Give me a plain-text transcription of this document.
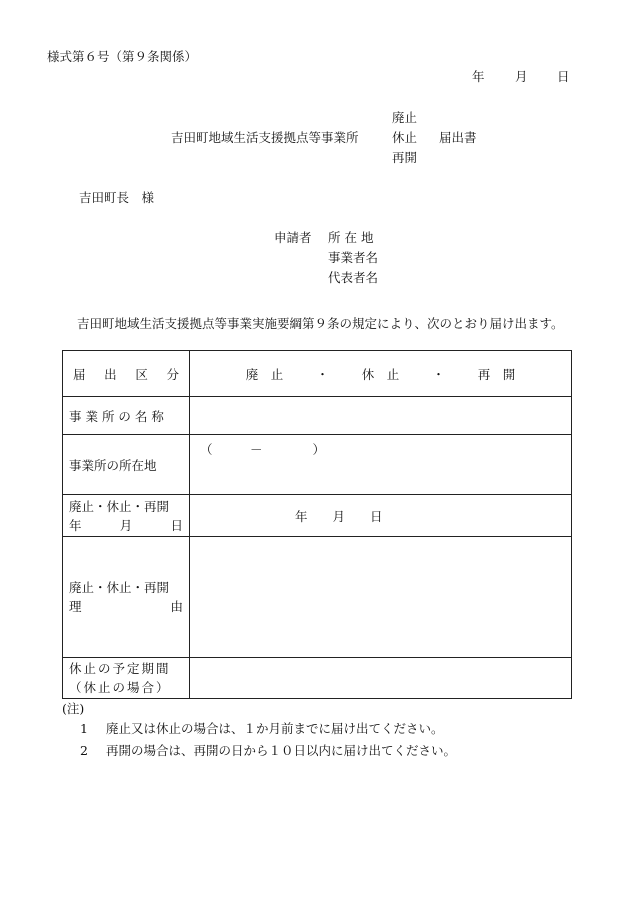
様式第６号（第９条関係）
年 月 日
吉田町地域生活支援拠点等事業所
廃止
休止
再開
届出書
吉田町長　様
申請者 所 在 地
事業者名
代表者名
吉田町地域生活支援拠点等事業実施要綱第９条の規定により、次のとおり届け出ます。
届 出 区 分	廃　止 ・ 休　止 ・ 再　開

事 業 所 の 名 称	
事業所の所在地	（　　　－　　　　）

廃止・休止・再開
年 月 日	年　　月　　日

廃止・休止・再開
理 由	

休止の予定期間
（休止の場合）	

(注)
1 廃止又は休止の場合は、１か月前までに届け出てください。
2 再開の場合は、再開の日から１０日以内に届け出てください。
